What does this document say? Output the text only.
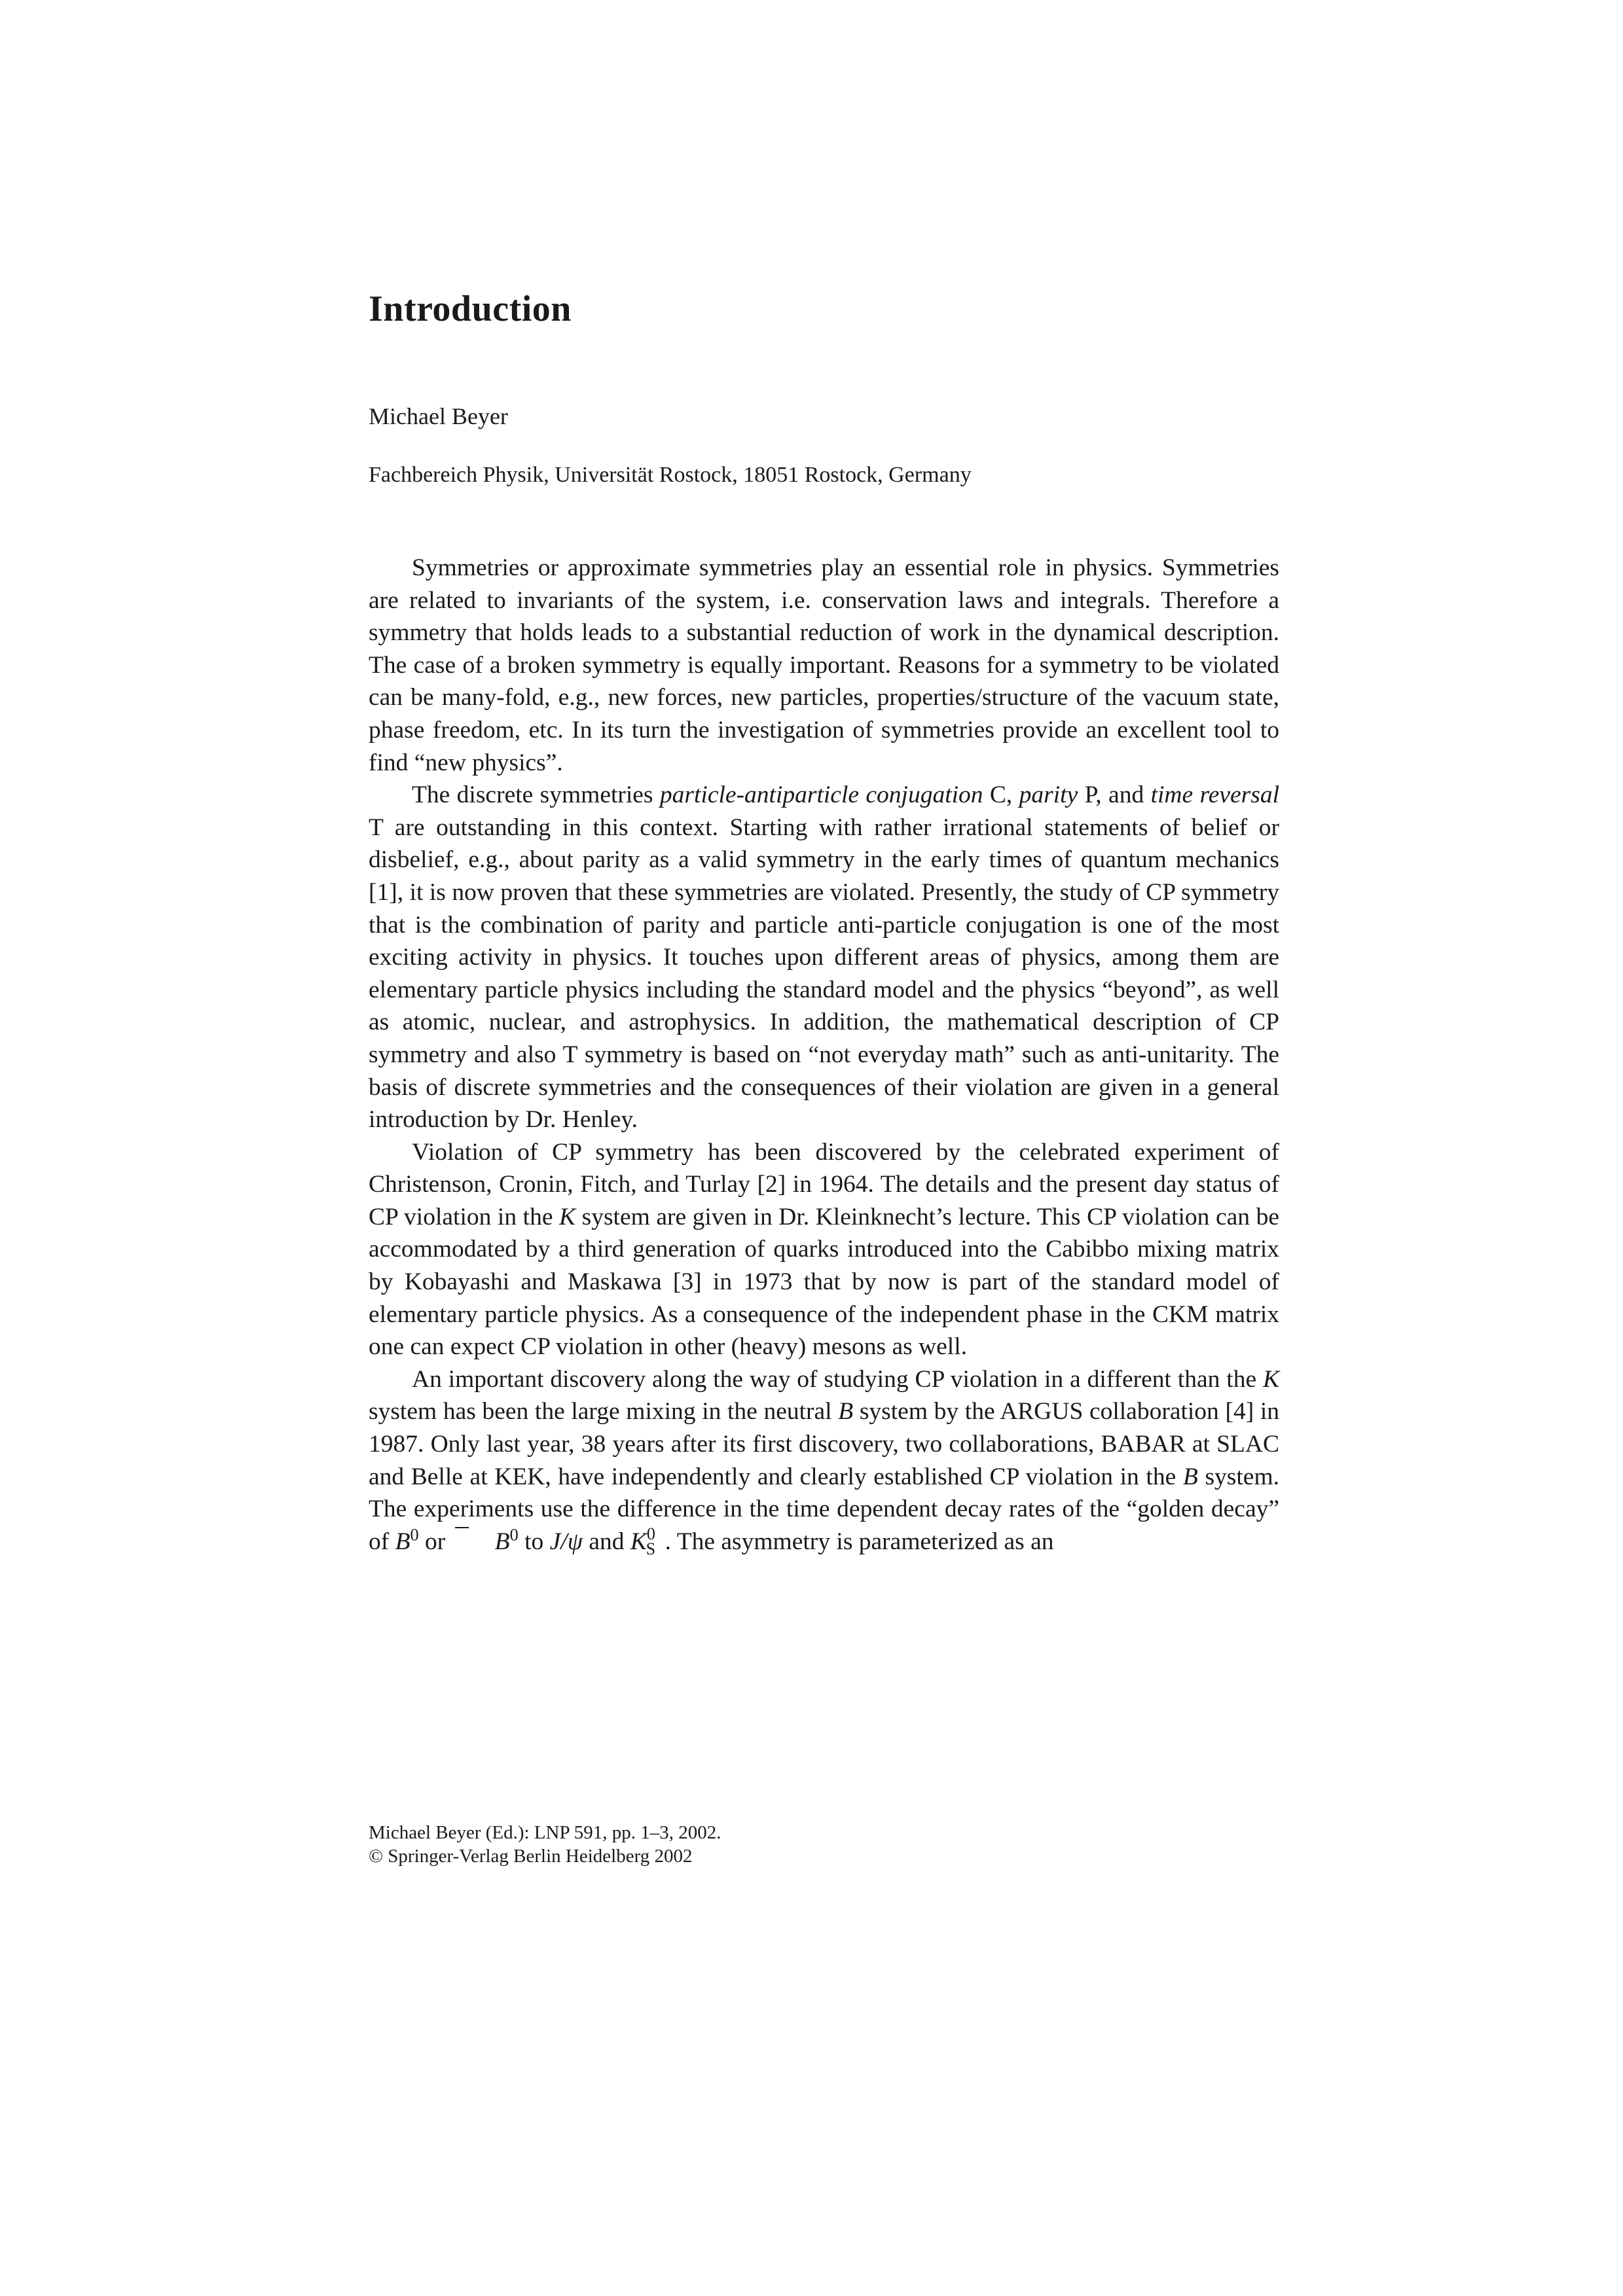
Introduction

Michael Beyer

Fachbereich Physik, Universität Rostock, 18051 Rostock, Germany

Symmetries or approximate symmetries play an essential role in physics. Symmetries are related to invariants of the system, i.e. conservation laws and integrals. Therefore a symmetry that holds leads to a substantial reduction of work in the dynamical description. The case of a broken symmetry is equally important. Reasons for a symmetry to be violated can be many-fold, e.g., new forces, new particles, properties/structure of the vacuum state, phase freedom, etc. In its turn the investigation of symmetries provide an excellent tool to find “new physics”.

The discrete symmetries particle-antiparticle conjugation C, parity P, and time reversal T are outstanding in this context. Starting with rather irrational statements of belief or disbelief, e.g., about parity as a valid symmetry in the early times of quantum mechanics [1], it is now proven that these symmetries are violated. Presently, the study of CP symmetry that is the combination of parity and particle anti-particle conjugation is one of the most exciting activity in physics. It touches upon different areas of physics, among them are elementary particle physics including the standard model and the physics “beyond”, as well as atomic, nuclear, and astrophysics. In addition, the mathematical description of CP symmetry and also T symmetry is based on “not everyday math” such as anti-unitarity. The basis of discrete symmetries and the consequences of their violation are given in a general introduction by Dr. Henley.

Violation of CP symmetry has been discovered by the celebrated experiment of Christenson, Cronin, Fitch, and Turlay [2] in 1964. The details and the present day status of CP violation in the K system are given in Dr. Kleinknecht’s lecture. This CP violation can be accommodated by a third generation of quarks introduced into the Cabibbo mixing matrix by Kobayashi and Maskawa [3] in 1973 that by now is part of the standard model of elementary particle physics. As a consequence of the independent phase in the CKM matrix one can expect CP violation in other (heavy) mesons as well.

An important discovery along the way of studying CP violation in a different than the K system has been the large mixing in the neutral B system by the ARGUS collaboration [4] in 1987. Only last year, 38 years after its first discovery, two collaborations, BABAR at SLAC and Belle at KEK, have independently and clearly established CP violation in the B system. The experiments use the difference in the time dependent decay rates of the “golden decay” of $B^0$ or $B^0$ to J/ψ and $K^0_S$ . The asymmetry is parameterized as an

Michael Beyer (Ed.): LNP 591, pp. 1–3, 2002.
© Springer-Verlag Berlin Heidelberg 2002
